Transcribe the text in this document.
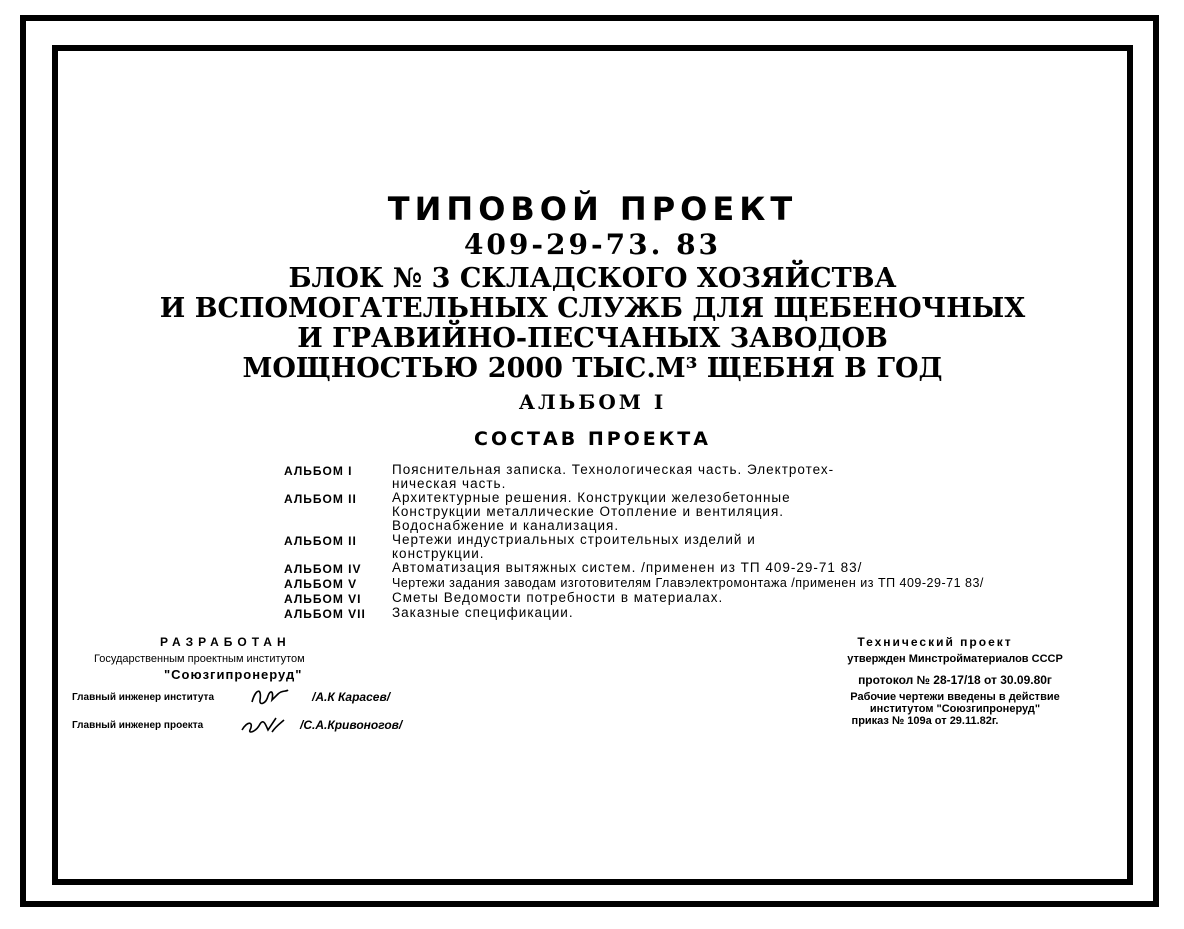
ТИПОВОЙ ПРОЕКТ
409-29-73. 83
БЛОК № 3 СКЛАДСКОГО ХОЗЯЙСТВА
И ВСПОМОГАТЕЛЬНЫХ СЛУЖБ ДЛЯ ЩЕБЕНОЧНЫХ
И ГРАВИЙНО-ПЕСЧАНЫХ ЗАВОДОВ
МОЩНОСТЬЮ 2000 ТЫС.М³ ЩЕБНЯ В ГОД
АЛЬБОМ I
СОСТАВ ПРОЕКТА
АЛЬБОМ I	Пояснительная записка. Технологическая часть. Электротех-
ническая часть.
АЛЬБОМ II	Архитектурные решения. Конструкции железобетонные
Конструкции металлические Отопление и вентиляция.
Водоснабжение и канализация.
АЛЬБОМ II	Чертежи индустриальных строительных изделий и
конструкции.
АЛЬБОМ IV	Автоматизация вытяжных систем. /применен из ТП 409-29-71 83/
АЛЬБОМ V	Чертежи задания заводам изготовителям Главэлектромонтажа /применен из ТП 409-29-71 83/
АЛЬБОМ VI	Сметы Ведомости потребности в материалах.
АЛЬБОМ VII	Заказные спецификации.
РАЗРАБОТАН
Государственным проектным институтом
"Союзгипронеруд"
Главный инженер института	/А.К Карасев/
Главный инженер проекта	/С.А.Кривоногов/
Технический проект
утвержден Минстройматериалов СССР
протокол № 28-17/18 от 30.09.80г
Рабочие чертежи введены в действие
институтом "Союзгипронеруд"
приказ № 109а от 29.11.82г.
